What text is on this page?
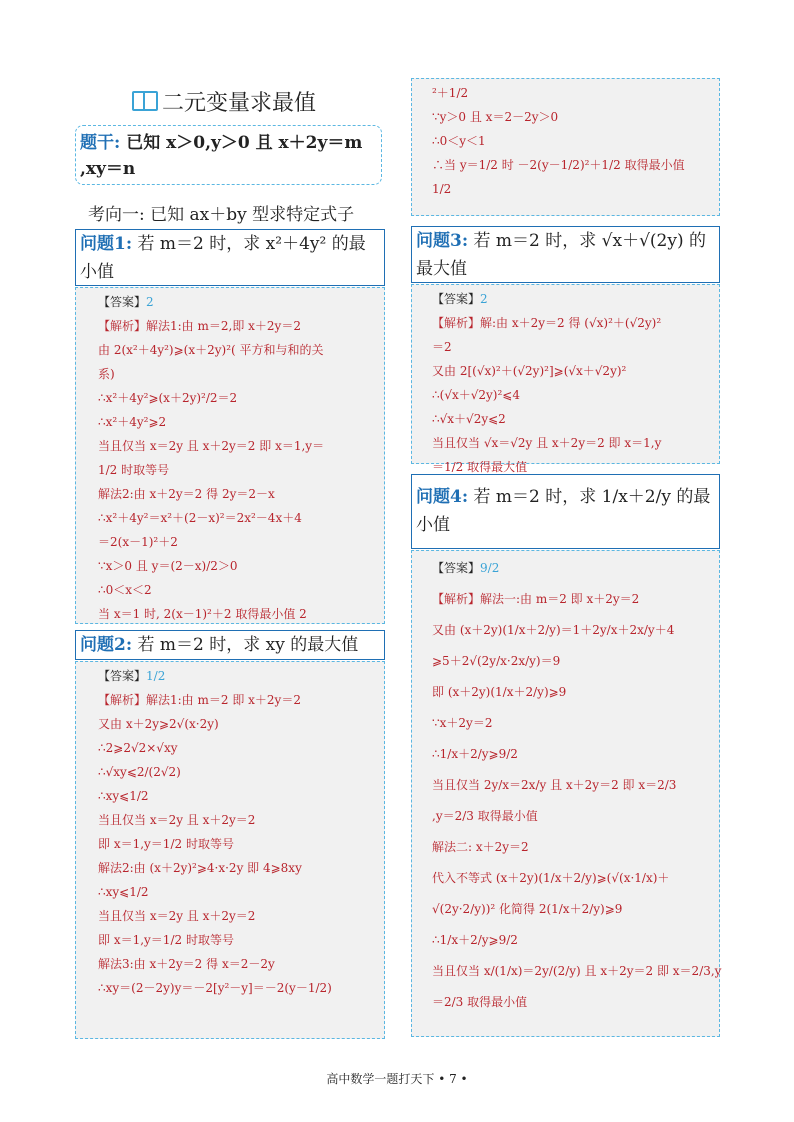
二元变量求最值
题干: 已知 x＞0,y＞0 且 x＋2y＝m ,xy＝n
考向一: 已知 ax＋by 型求特定式子
问题1: 若 m＝2 时，求 x²＋4y² 的最小值
【答案】2
【解析】解法1:由 m＝2,即 x＋2y＝2
由 2(x²＋4y²)⩾(x＋2y)²( 平方和与和的关
系)
∴x²＋4y²⩾(x＋2y)²/2＝2
∴x²＋4y²⩾2
当且仅当 x＝2y 且 x＋2y＝2 即 x＝1,y＝
1/2 时取等号
解法2:由 x＋2y＝2 得 2y＝2－x
∴x²＋4y²＝x²＋(2－x)²＝2x²－4x＋4
＝2(x－1)²＋2
∵x＞0 且 y＝(2－x)/2＞0
∴0＜x＜2
当 x＝1 时, 2(x－1)²＋2 取得最小值 2
问题2: 若 m＝2 时，求 xy 的最大值
【答案】1/2
【解析】解法1:由 m＝2 即 x＋2y＝2
又由 x＋2y⩾2√(x·2y)
∴2⩾2√2×√xy
∴√xy⩽2/(2√2)
∴xy⩽1/2
当且仅当 x＝2y 且 x＋2y＝2
即 x＝1,y＝1/2 时取等号
解法2:由 (x＋2y)²⩾4·x·2y 即 4⩾8xy
∴xy⩽1/2
当且仅当 x＝2y 且 x＋2y＝2
即 x＝1,y＝1/2 时取等号
解法3:由 x＋2y＝2 得 x＝2－2y
∴xy＝(2－2y)y＝－2[y²－y]＝－2(y－1/2)
²＋1/2
∵y＞0 且 x＝2－2y＞0
∴0＜y＜1
∴当 y＝1/2 时 －2(y－1/2)²＋1/2 取得最小值
1/2
问题3: 若 m＝2 时，求 √x＋√(2y) 的最大值
【答案】2
【解析】解:由 x＋2y＝2 得 (√x)²＋(√2y)²
＝2
又由 2[(√x)²＋(√2y)²]⩾(√x＋√2y)²
∴(√x＋√2y)²⩽4
∴√x＋√2y⩽2
当且仅当 √x＝√2y 且 x＋2y＝2 即 x＝1,y
＝1/2 取得最大值
问题4: 若 m＝2 时，求 1/x＋2/y 的最小值
【答案】9/2
【解析】解法一:由 m＝2 即 x＋2y＝2
又由 (x＋2y)(1/x＋2/y)＝1＋2y/x＋2x/y＋4
⩾5＋2√(2y/x·2x/y)＝9
即 (x＋2y)(1/x＋2/y)⩾9
∵x＋2y＝2
∴1/x＋2/y⩾9/2
当且仅当 2y/x＝2x/y 且 x＋2y＝2 即 x＝2/3
,y＝2/3 取得最小值
解法二: x＋2y＝2
代入不等式 (x＋2y)(1/x＋2/y)⩾(√(x·1/x)＋
√(2y·2/y))² 化简得 2(1/x＋2/y)⩾9
∴1/x＋2/y⩾9/2
当且仅当 x/(1/x)＝2y/(2/y) 且 x＋2y＝2 即 x＝2/3,y
＝2/3 取得最小值
高中数学一题打天下 • 7 •
